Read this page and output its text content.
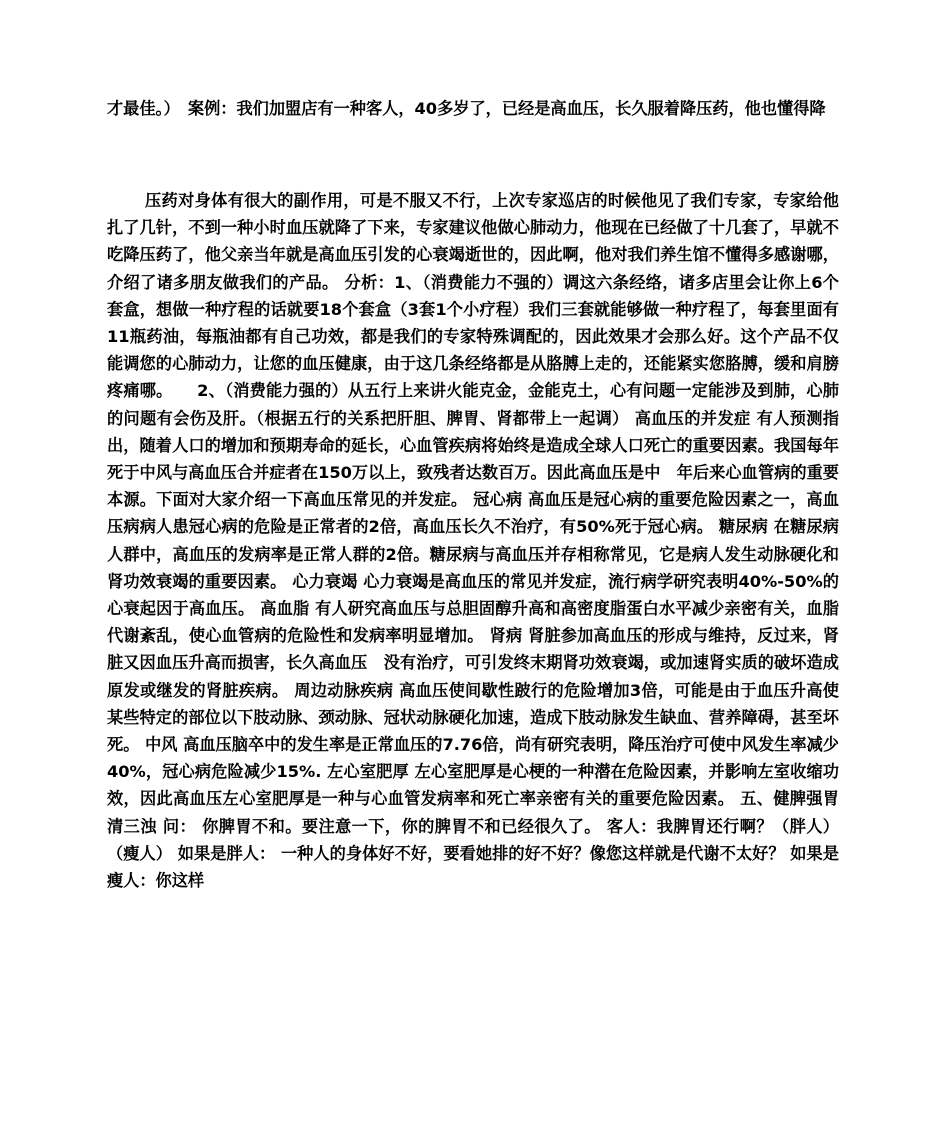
才最佳。）　案例：我们加盟店有一种客人，40多岁了，已经是高血压，长久服着降压药，他也懂得降

压药对身体有很大的副作用，可是不服又不行，上次专家巡店的时候他见了我们专家，专家给他扎了几针，不到一种小时血压就降了下来，专家建议他做心肺动力，他现在已经做了十几套了，早就不吃降压药了，他父亲当年就是高血压引发的心衰竭逝世的，因此啊，他对我们养生馆不懂得多感谢哪，介绍了诸多朋友做我们的产品。 分析：1、（消费能力不强的）调这六条经络，诸多店里会让你上6个套盒，想做一种疗程的话就要18个套盒（3套1个小疗程）我们三套就能够做一种疗程了，每套里面有11瓶药油，每瓶油都有自己功效，都是我们的专家特殊调配的，因此效果才会那么好。这个产品不仅能调您的心肺动力，让您的血压健康，由于这几条经络都是从胳膊上走的，还能紧实您胳膊，缓和肩膀疼痛哪。　　2、（消费能力强的）从五行上来讲火能克金，金能克土，心有问题一定能涉及到肺，心肺的问题有会伤及肝。（根据五行的关系把肝胆、脾胃、肾都带上一起调） 高血压的并发症 有人预测指出，随着人口的增加和预期寿命的延长，心血管疾病将始终是造成全球人口死亡的重要因素。我国每年死于中风与高血压合并症者在150万以上，致残者达数百万。因此高血压是中　年后来心血管病的重要本源。下面对大家介绍一下高血压常见的并发症。 冠心病 高血压是冠心病的重要危险因素之一，高血压病病人患冠心病的危险是正常者的2倍，高血压长久不治疗，有50%死于冠心病。 糖尿病 在糖尿病人群中，高血压的发病率是正常人群的2倍。糖尿病与高血压并存相称常见，它是病人发生动脉硬化和肾功效衰竭的重要因素。 心力衰竭 心力衰竭是高血压的常见并发症，流行病学研究表明40%-50%的心衰起因于高血压。 高血脂 有人研究高血压与总胆固醇升高和高密度脂蛋白水平减少亲密有关，血脂代谢紊乱，使心血管病的危险性和发病率明显增加。 肾病 肾脏参加高血压的形成与维持，反过来，肾脏又因血压升高而损害，长久高血压　没有治疗，可引发终末期肾功效衰竭，或加速肾实质的破坏造成原发或继发的肾脏疾病。 周边动脉疾病 高血压使间歇性跛行的危险增加3倍，可能是由于血压升高使某些特定的部位以下肢动脉、颈动脉、冠状动脉硬化加速，造成下肢动脉发生缺血、营养障碍，甚至坏死。 中风 高血压脑卒中的发生率是正常血压的7.76倍，尚有研究表明，降压治疗可使中风发生率减少40%，冠心病危险减少15%. 左心室肥厚 左心室肥厚是心梗的一种潜在危险因素，并影响左室收缩功效，因此高血压左心室肥厚是一种与心血管发病率和死亡率亲密有关的重要危险因素。 五、健脾强胃清三浊 问： 你脾胃不和。要注意一下，你的脾胃不和已经很久了。 客人：我脾胃还行啊？（胖人）（瘦人） 如果是胖人： 一种人的身体好不好，要看她排的好不好？像您这样就是代谢不太好？ 如果是瘦人：你这样
